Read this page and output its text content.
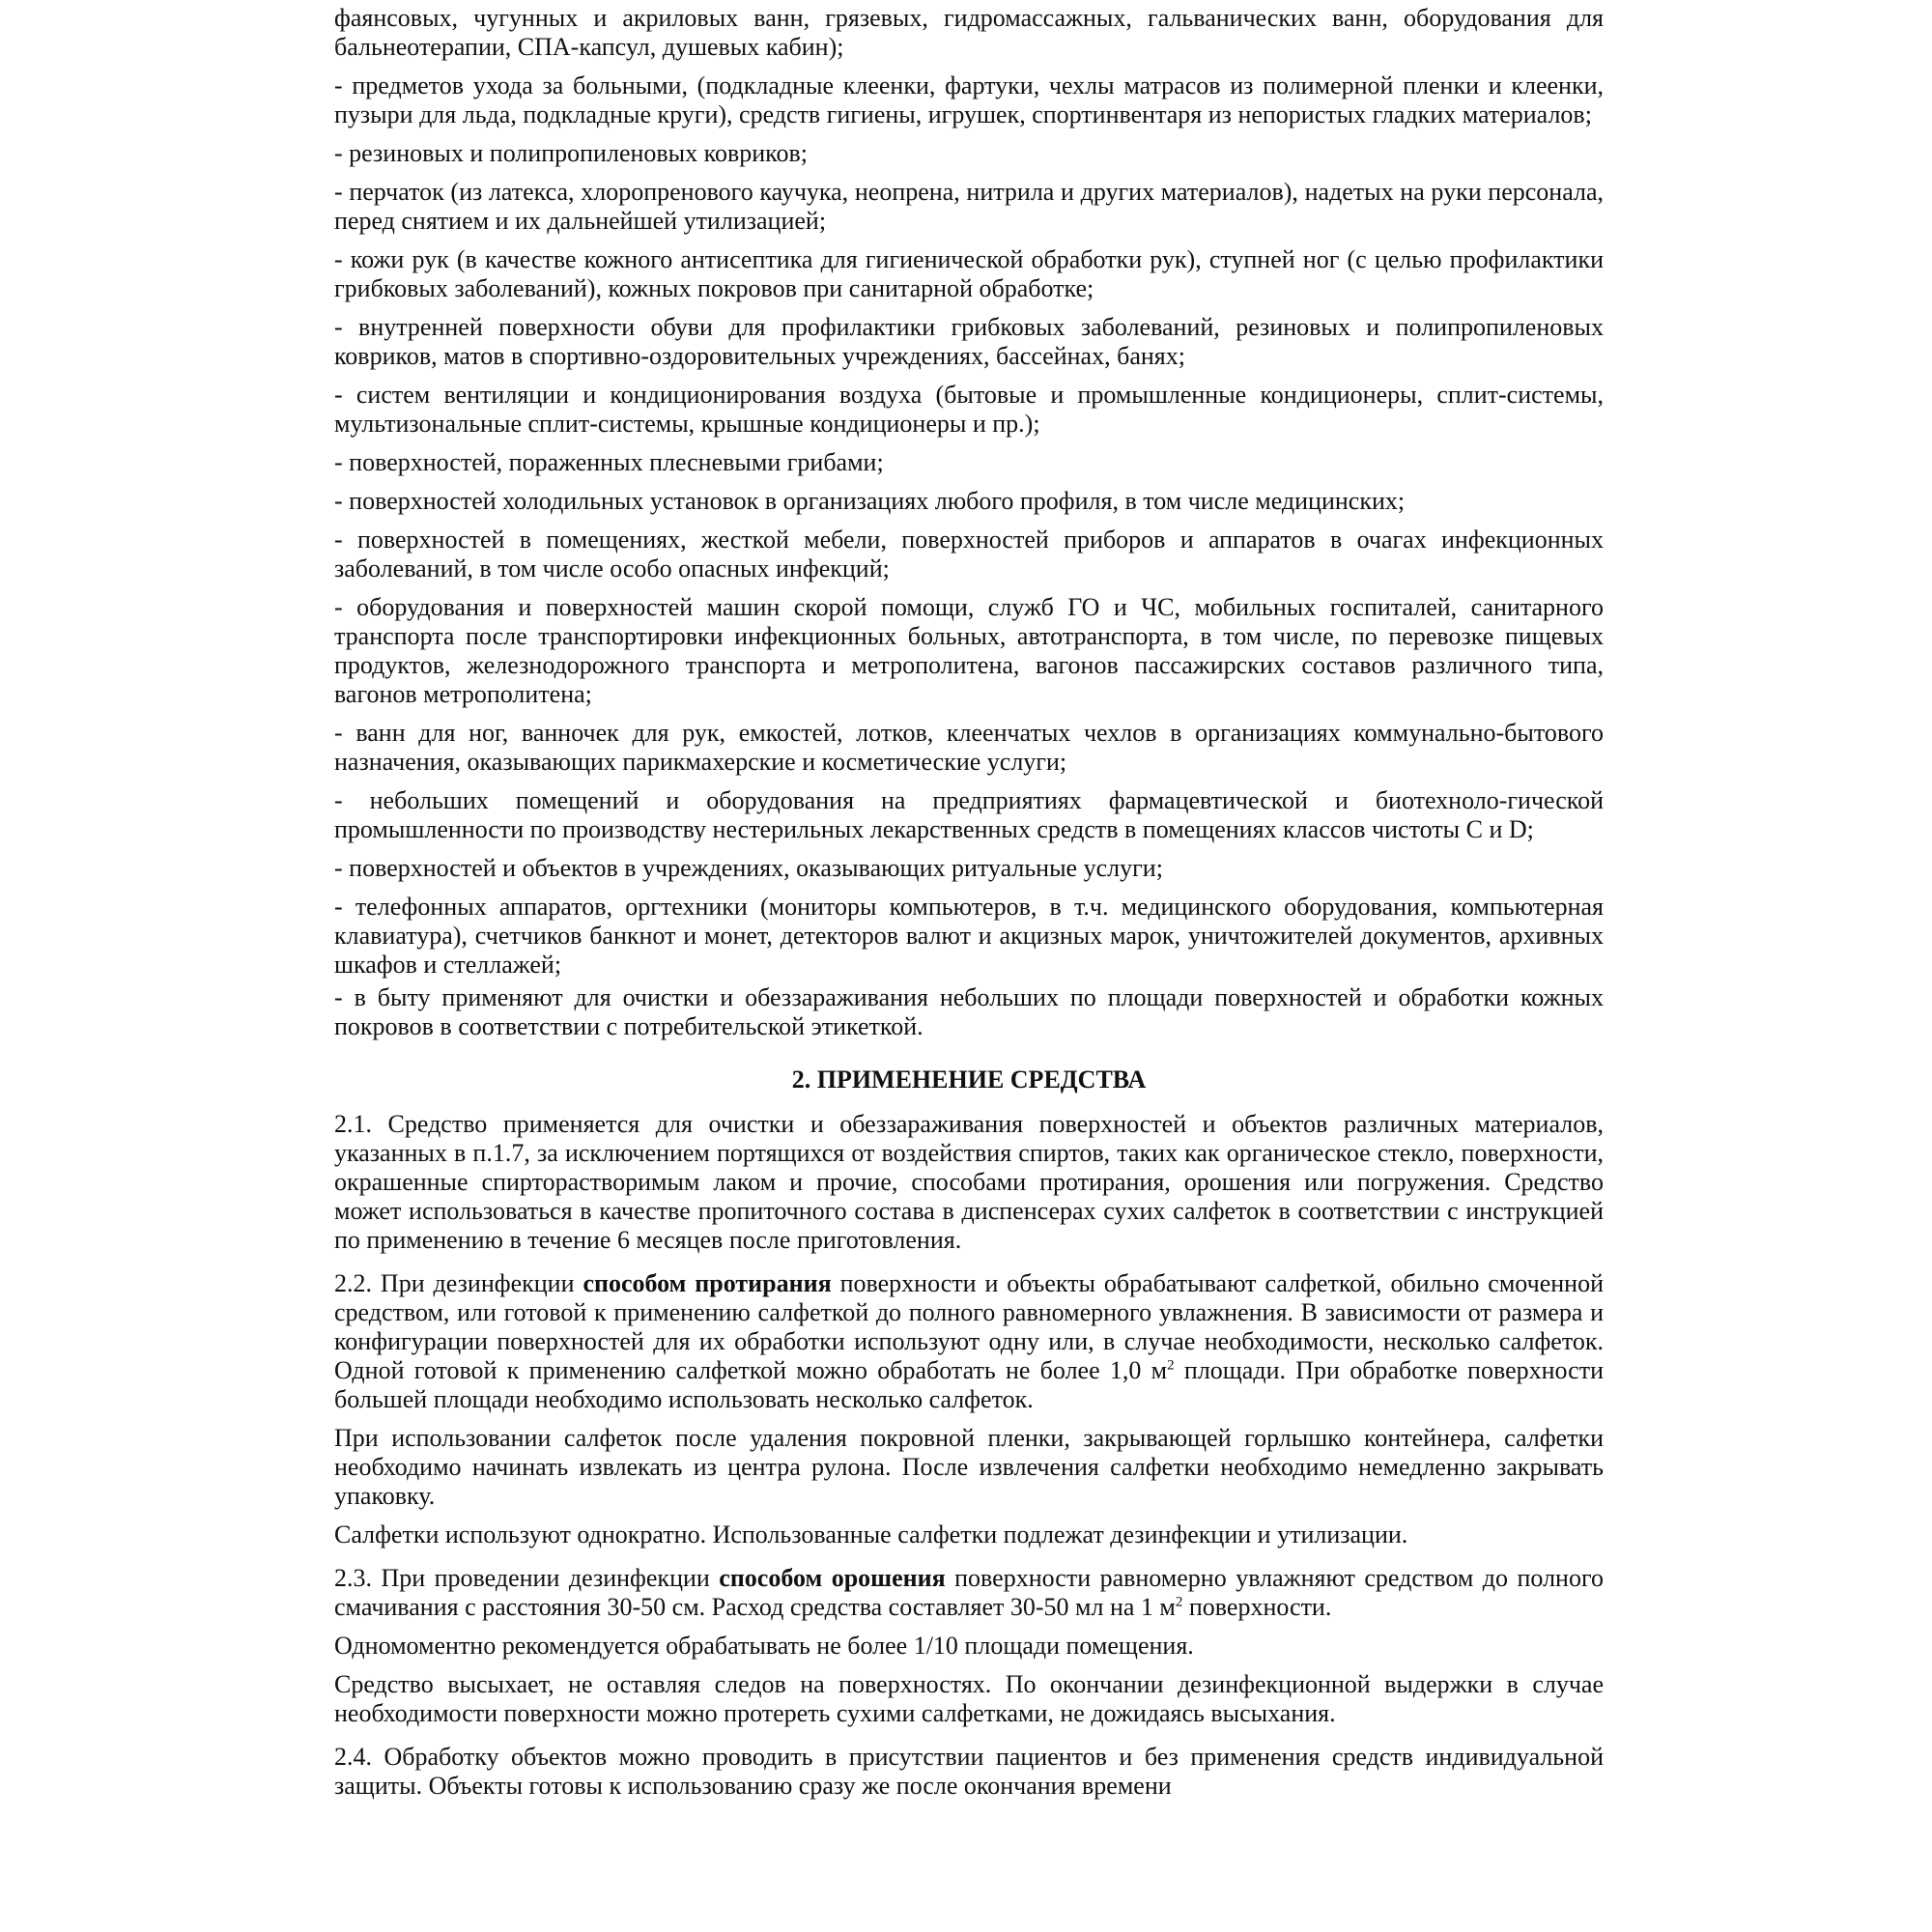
фаянсовых, чугунных и акриловых ванн, грязевых, гидромассажных, гальванических ванн, оборудования для бальнеотерапии, СПА-капсул, душевых кабин);

- предметов ухода за больными, (подкладные клеенки, фартуки, чехлы матрасов из полимерной пленки и клеенки, пузыри для льда, подкладные круги), средств гигиены, игрушек, спортинвентаря из непористых гладких материалов;

- резиновых и полипропиленовых ковриков;

- перчаток (из латекса, хлоропренового каучука, неопрена, нитрила и других материалов), надетых на руки персонала, перед снятием и их дальнейшей утилизацией;

- кожи рук (в качестве кожного антисептика для гигиенической обработки рук), ступней ног (с целью профилактики грибковых заболеваний), кожных покровов при санитарной обработке;

- внутренней поверхности обуви для профилактики грибковых заболеваний, резиновых и полипропиленовых ковриков, матов в спортивно-оздоровительных учреждениях, бассейнах, банях;

- систем вентиляции и кондиционирования воздуха (бытовые и промышленные кондиционеры, сплит-системы, мультизональные сплит-системы, крышные кондиционеры и пр.);

- поверхностей, пораженных плесневыми грибами;

- поверхностей холодильных установок в организациях любого профиля, в том числе медицинских;

- поверхностей в помещениях, жесткой мебели, поверхностей приборов и аппаратов в очагах инфекционных заболеваний, в том числе особо опасных инфекций;

- оборудования и поверхностей машин скорой помощи, служб ГО и ЧС, мобильных госпиталей, санитарного транспорта после транспортировки инфекционных больных, автотранспорта, в том числе, по перевозке пищевых продуктов, железнодорожного транспорта и метрополитена, вагонов пассажирских составов различного типа, вагонов метрополитена;

- ванн для ног, ванночек для рук, емкостей, лотков, клеенчатых чехлов в организациях коммунально-бытового назначения, оказывающих парикмахерские и косметические услуги;

- небольших помещений и оборудования на предприятиях фармацевтической и биотехноло-гической промышленности по производству нестерильных лекарственных средств в помещениях классов чистоты С и D;

- поверхностей и объектов в учреждениях, оказывающих ритуальные услуги;

- телефонных аппаратов, оргтехники (мониторы компьютеров, в т.ч. медицинского оборудования, компьютерная клавиатура), счетчиков банкнот и монет, детекторов валют и акцизных марок, уничтожителей документов, архивных шкафов и стеллажей;

- в быту применяют для очистки и обеззараживания небольших по площади поверхностей и обработки кожных покровов в соответствии с потребительской этикеткой.

2. ПРИМЕНЕНИЕ СРЕДСТВА

2.1. Средство применяется для очистки и обеззараживания поверхностей и объектов различных материалов, указанных в п.1.7, за исключением портящихся от воздействия спиртов, таких как органическое стекло, поверхности, окрашенные спирторастворимым лаком и прочие, способами протирания, орошения или погружения. Средство может использоваться в качестве пропиточного состава в диспенсерах сухих салфеток в соответствии с инструкцией по применению в течение 6 месяцев после приготовления.

2.2. При дезинфекции способом протирания поверхности и объекты обрабатывают салфеткой, обильно смоченной средством, или готовой к применению салфеткой до полного равномерного увлажнения. В зависимости от размера и конфигурации поверхностей для их обработки используют одну или, в случае необходимости, несколько салфеток. Одной готовой к применению салфеткой можно обработать не более 1,0 $м^2$ площади. При обработке поверхности большей площади необходимо использовать несколько салфеток.

При использовании салфеток после удаления покровной пленки, закрывающей горлышко контейнера, салфетки необходимо начинать извлекать из центра рулона. После извлечения салфетки необходимо немедленно закрывать упаковку.

Салфетки используют однократно. Использованные салфетки подлежат дезинфекции и утилизации.

2.3. При проведении дезинфекции способом орошения поверхности равномерно увлажняют средством до полного смачивания с расстояния 30-50 см. Расход средства составляет 30-50 мл на 1 $м^2$ поверхности.

Одномоментно рекомендуется обрабатывать не более 1/10 площади помещения.

Средство высыхает, не оставляя следов на поверхностях. По окончании дезинфекционной выдержки в случае необходимости поверхности можно протереть сухими салфетками, не дожидаясь высыхания.

2.4. Обработку объектов можно проводить в присутствии пациентов и без применения средств индивидуальной защиты. Объекты готовы к использованию сразу же после окончания времени
